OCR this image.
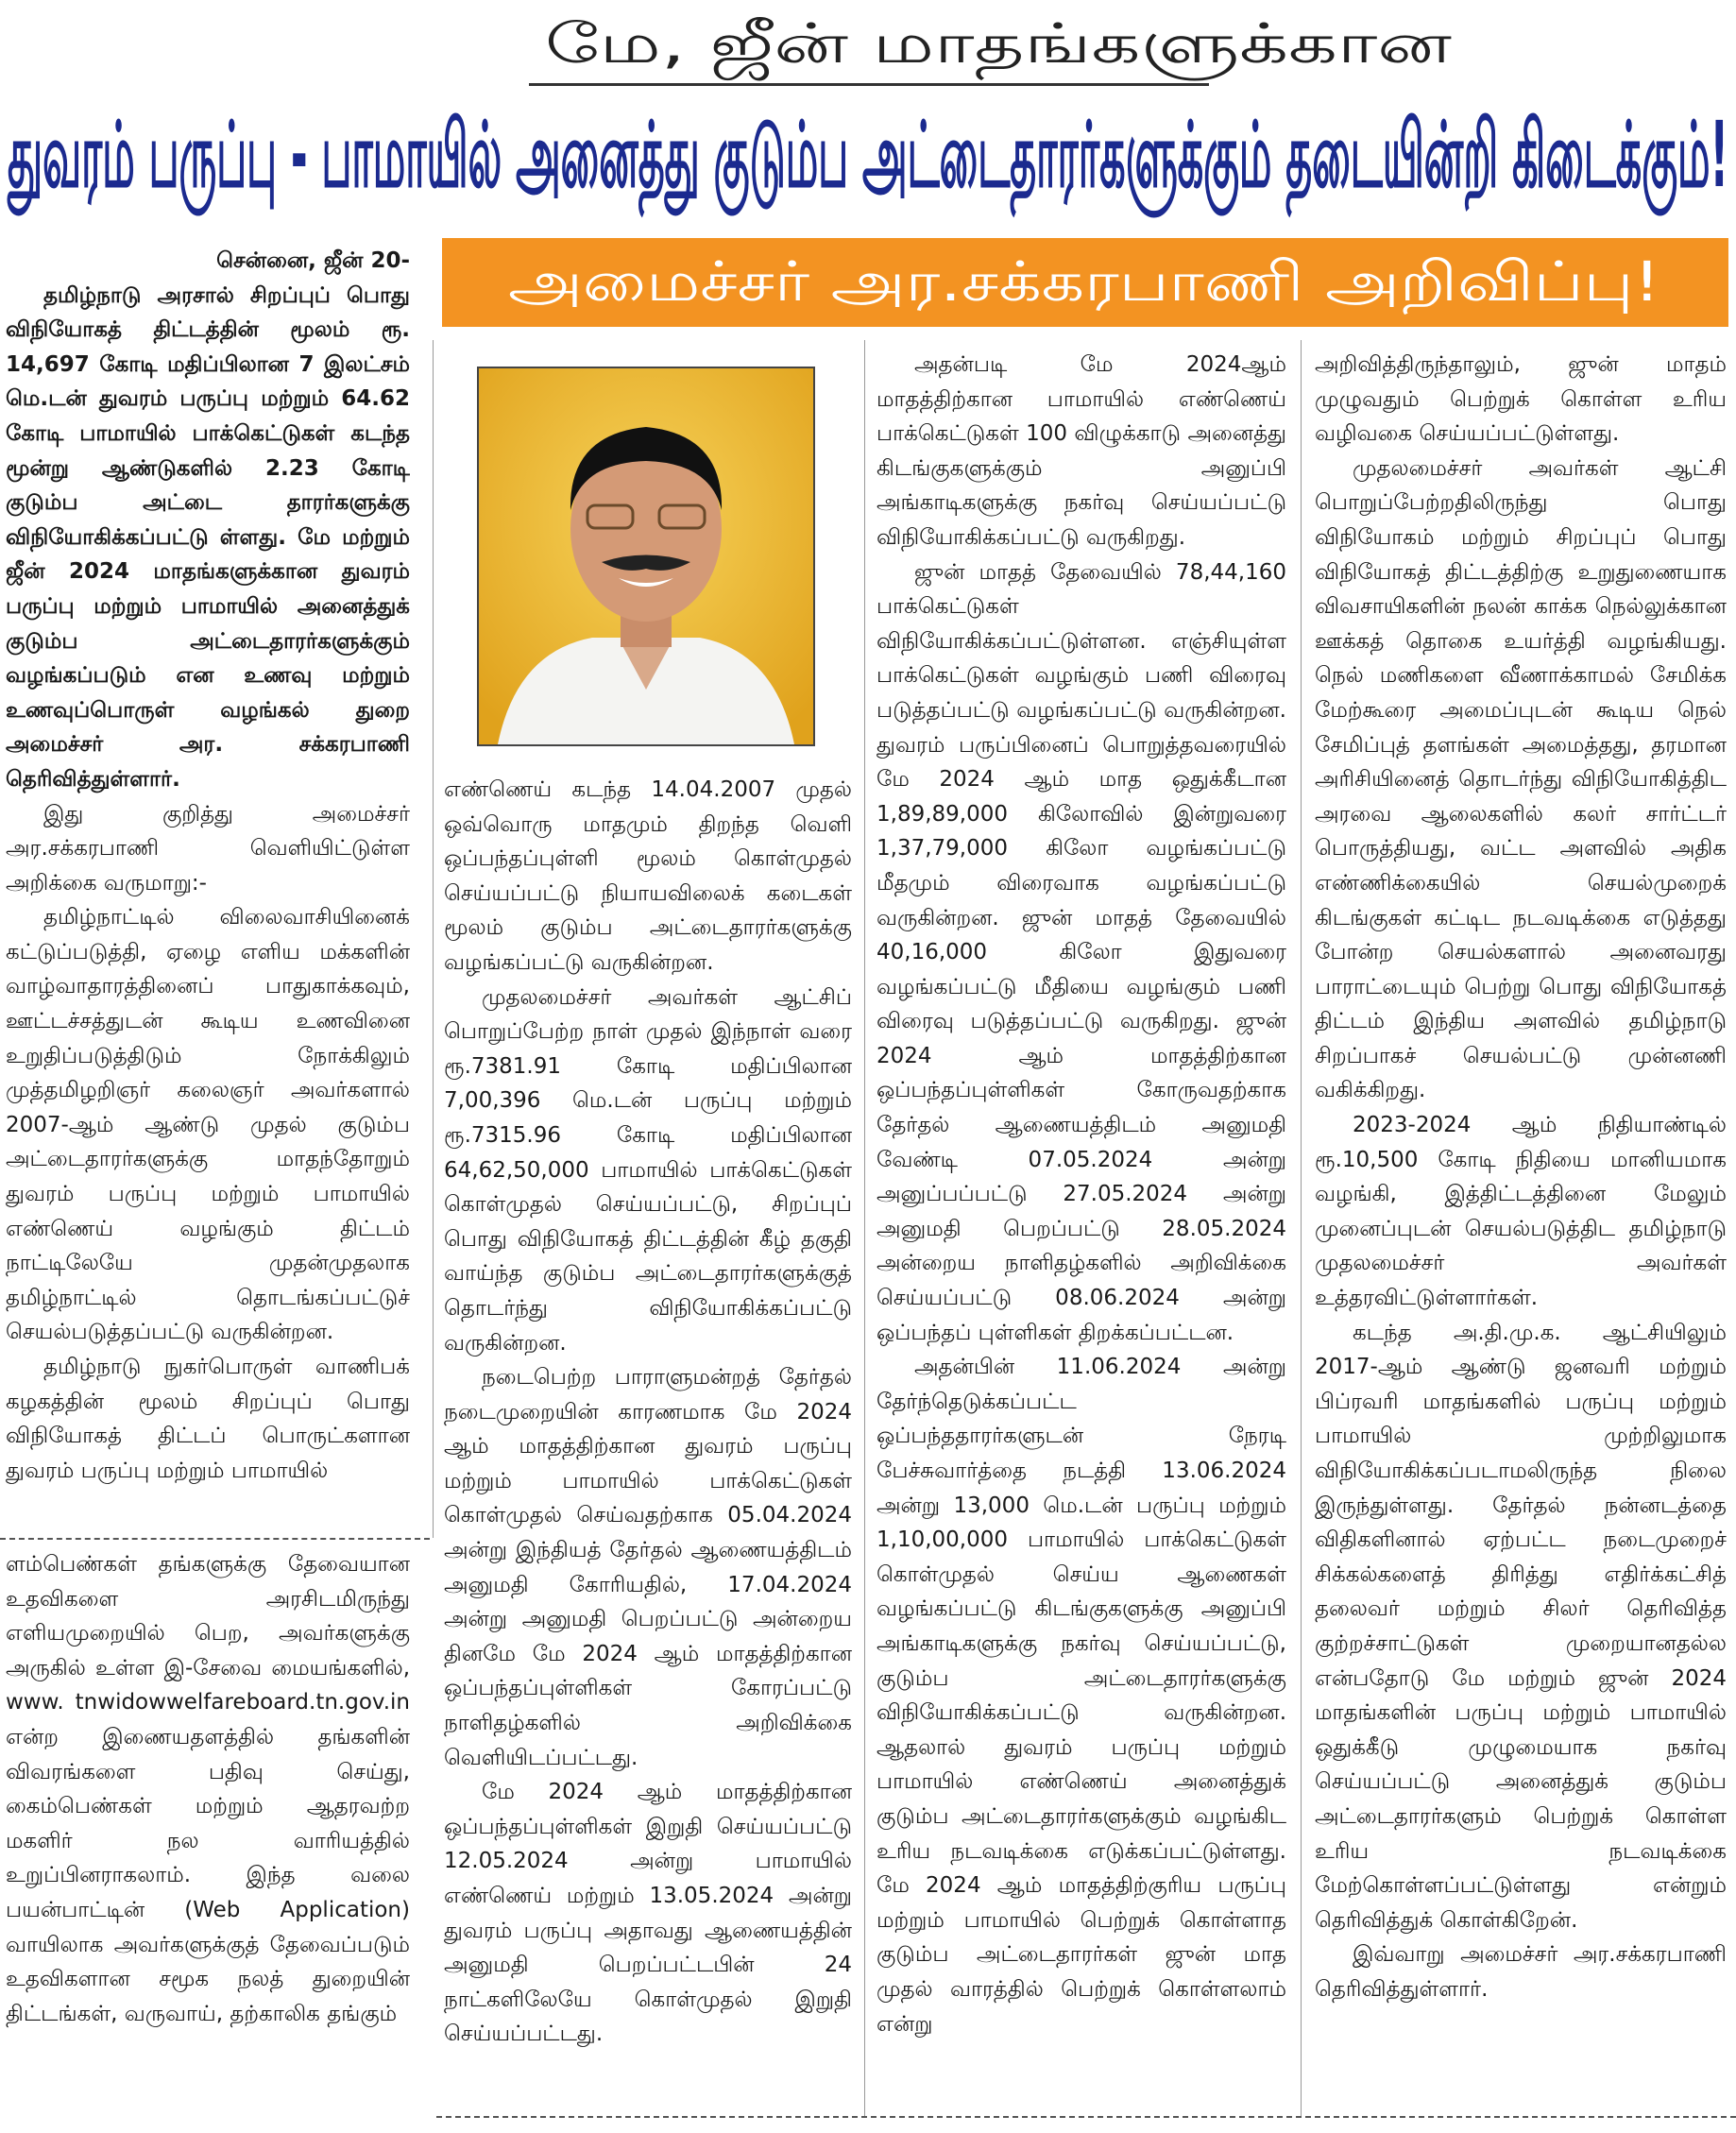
மே, ஜீன் மாதங்களுக்கான
துவரம் பருப்பு - பாமாயில் அனைத்து குடும்ப அட்டைதாரர்களுக்கும் தடையின்றி கிடைக்கும்!
அமைச்சர் அர.சக்கரபாணி அறிவிப்பு!

சென்னை, ஜீன் 20-

தமிழ்நாடு அரசால் சிறப்புப் பொது விநியோகத் திட்டத்தின் மூலம் ரூ. 14,697 கோடி மதிப்பிலான 7 இலட்சம் மெ.டன் துவரம் பருப்பு மற்றும் 64.62 கோடி பாமாயில் பாக்கெட்டுகள் கடந்த மூன்று ஆண்டுகளில் 2.23 கோடி குடும்ப அட்டை தாரர்களுக்கு விநியோகிக்கப்பட்டு ள்ளது. மே மற்றும் ஜீன் 2024 மாதங்களுக்கான துவரம் பருப்பு மற்றும் பாமாயில் அனைத்துக் குடும்ப அட்டைதாரர்களுக்கும் வழங்கப்படும் என உணவு மற்றும் உணவுப்பொருள் வழங்கல் துறை அமைச்சர் அர. சக்கரபாணி தெரிவித்துள்ளார்.

இது குறித்து அமைச்சர் அர.சக்கரபாணி வெளியிட்டுள்ள அறிக்கை வருமாறு:-

தமிழ்நாட்டில் விலைவாசியினைக் கட்டுப்படுத்தி, ஏழை எளிய மக்களின் வாழ்வாதாரத்தினைப் பாதுகாக்கவும், ஊட்டச்சத்துடன் கூடிய உணவினை உறுதிப்படுத்திடும் நோக்கிலும் முத்தமிழறிஞர் கலைஞர் அவர்களால் 2007-ஆம் ஆண்டு முதல் குடும்ப அட்டைதாரர்களுக்கு மாதந்தோறும் துவரம் பருப்பு மற்றும் பாமாயில் எண்ணெய் வழங்கும் திட்டம் நாட்டிலேயே முதன்முதலாக தமிழ்நாட்டில் தொடங்கப்பட்டுச் செயல்படுத்தப்பட்டு வருகின்றன.

தமிழ்நாடு நுகர்பொருள் வாணிபக் கழகத்தின் மூலம் சிறப்புப் பொது விநியோகத் திட்டப் பொருட்களான துவரம் பருப்பு மற்றும் பாமாயில்

ளம்பெண்கள் தங்களுக்கு தேவையான உதவிகளை அரசிடமிருந்து எளியமுறையில் பெற, அவர்களுக்கு அருகில் உள்ள இ-சேவை மையங்களில், www. tnwidowwelfareboard.tn.gov.in என்ற இணையதளத்தில் தங்களின் விவரங்களை பதிவு செய்து, கைம்பெண்கள் மற்றும் ஆதரவற்ற மகளிர் நல வாரியத்தில் உறுப்பினராகலாம். இந்த வலை பயன்பாட்டின் (Web Application) வாயிலாக அவர்களுக்குத் தேவைப்படும் உதவிகளான சமூக நலத் துறையின் திட்டங்கள், வருவாய், தற்காலிக தங்கும்

எண்ணெய் கடந்த 14.04.2007 முதல் ஒவ்வொரு மாதமும் திறந்த வெளி ஒப்பந்தப்புள்ளி மூலம் கொள்முதல் செய்யப்பட்டு நியாயவிலைக் கடைகள் மூலம் குடும்ப அட்டைதாரர்களுக்கு வழங்கப்பட்டு வருகின்றன.

முதலமைச்சர் அவர்கள் ஆட்சிப் பொறுப்பேற்ற நாள் முதல் இந்நாள் வரை ரூ.7381.91 கோடி மதிப்பிலான 7,00,396 மெ.டன் பருப்பு மற்றும் ரூ.7315.96 கோடி மதிப்பிலான 64,62,50,000 பாமாயில் பாக்கெட்டுகள் கொள்முதல் செய்யப்பட்டு, சிறப்புப் பொது விநியோகத் திட்டத்தின் கீழ் தகுதி வாய்ந்த குடும்ப அட்டைதாரர்களுக்குத் தொடர்ந்து விநியோகிக்கப்பட்டு வருகின்றன.

நடைபெற்ற பாராளுமன்றத் தேர்தல் நடைமுறையின் காரணமாக மே 2024 ஆம் மாதத்திற்கான துவரம் பருப்பு மற்றும் பாமாயில் பாக்கெட்டுகள் கொள்முதல் செய்வதற்காக 05.04.2024 அன்று இந்தியத் தேர்தல் ஆணையத்திடம் அனுமதி கோரியதில், 17.04.2024 அன்று அனுமதி பெறப்பட்டு அன்றைய தினமே மே 2024 ஆம் மாதத்திற்கான ஒப்பந்தப்புள்ளிகள் கோரப்பட்டு நாளிதழ்களில் அறிவிக்கை வெளியிடப்பட்டது.

மே 2024 ஆம் மாதத்திற்கான ஒப்பந்தப்புள்ளிகள் இறுதி செய்யப்பட்டு 12.05.2024 அன்று பாமாயில் எண்ணெய் மற்றும் 13.05.2024 அன்று துவரம் பருப்பு அதாவது ஆணையத்தின் அனுமதி பெறப்பட்டபின் 24 நாட்களிலேயே கொள்முதல் இறுதி செய்யப்பட்டது.

அதன்படி மே 2024ஆம் மாதத்திற்கான பாமாயில் எண்ணெய் பாக்கெட்டுகள் 100 விழுக்காடு அனைத்து கிடங்குகளுக்கும் அனுப்பி அங்காடிகளுக்கு நகர்வு செய்யப்பட்டு விநியோகிக்கப்பட்டு வருகிறது.

ஜுன் மாதத் தேவையில் 78,44,160 பாக்கெட்டுகள் விநியோகிக்கப்பட்டுள்ளன. எஞ்சியுள்ள பாக்கெட்டுகள் வழங்கும் பணி விரைவு படுத்தப்பட்டு வழங்கப்பட்டு வருகின்றன. துவரம் பருப்பினைப் பொறுத்தவரையில் மே 2024 ஆம் மாத ஒதுக்கீடான 1,89,89,000 கிலோவில் இன்றுவரை 1,37,79,000 கிலோ வழங்கப்பட்டு மீதமும் விரைவாக வழங்கப்பட்டு வருகின்றன. ஜுன் மாதத் தேவையில் 40,16,000 கிலோ இதுவரை வழங்கப்பட்டு மீதியை வழங்கும் பணி விரைவு படுத்தப்பட்டு வருகிறது. ஜுன் 2024 ஆம் மாதத்திற்கான ஒப்பந்தப்புள்ளிகள் கோருவதற்காக தேர்தல் ஆணையத்திடம் அனுமதி வேண்டி 07.05.2024 அன்று அனுப்பப்பட்டு 27.05.2024 அன்று அனுமதி பெறப்பட்டு 28.05.2024 அன்றைய நாளிதழ்களில் அறிவிக்கை செய்யப்பட்டு 08.06.2024 அன்று ஒப்பந்தப் புள்ளிகள் திறக்கப்பட்டன.

அதன்பின் 11.06.2024 அன்று தேர்ந்தெடுக்கப்பட்ட ஒப்பந்ததாரர்களுடன் நேரடி பேச்சுவார்த்தை நடத்தி 13.06.2024 அன்று 13,000 மெ.டன் பருப்பு மற்றும் 1,10,00,000 பாமாயில் பாக்கெட்டுகள் கொள்முதல் செய்ய ஆணைகள் வழங்கப்பட்டு கிடங்குகளுக்கு அனுப்பி அங்காடிகளுக்கு நகர்வு செய்யப்பட்டு, குடும்ப அட்டைதாரர்களுக்கு விநியோகிக்கப்பட்டு வருகின்றன. ஆதலால் துவரம் பருப்பு மற்றும் பாமாயில் எண்ணெய் அனைத்துக் குடும்ப அட்டைதாரர்களுக்கும் வழங்கிட உரிய நடவடிக்கை எடுக்கப்பட்டுள்ளது. மே 2024 ஆம் மாதத்திற்குரிய பருப்பு மற்றும் பாமாயில் பெற்றுக் கொள்ளாத குடும்ப அட்டைதாரர்கள் ஜுன் மாத முதல் வாரத்தில் பெற்றுக் கொள்ளலாம் என்று

அறிவித்திருந்தாலும், ஜுன் மாதம் முழுவதும் பெற்றுக் கொள்ள உரிய வழிவகை செய்யப்பட்டுள்ளது.

முதலமைச்சர் அவர்கள் ஆட்சி பொறுப்பேற்றதிலிருந்து பொது விநியோகம் மற்றும் சிறப்புப் பொது விநியோகத் திட்டத்திற்கு உறுதுணையாக விவசாயிகளின் நலன் காக்க நெல்லுக்கான ஊக்கத் தொகை உயர்த்தி வழங்கியது. நெல் மணிகளை வீணாக்காமல் சேமிக்க மேற்கூரை அமைப்புடன் கூடிய நெல் சேமிப்புத் தளங்கள் அமைத்தது, தரமான அரிசியினைத் தொடர்ந்து விநியோகித்திட அரவை ஆலைகளில் கலர் சார்ட்டர் பொருத்தியது, வட்ட அளவில் அதிக எண்ணிக்கையில் செயல்முறைக் கிடங்குகள் கட்டிட நடவடிக்கை எடுத்தது போன்ற செயல்களால் அனைவரது பாராட்டையும் பெற்று பொது விநியோகத் திட்டம் இந்திய அளவில் தமிழ்நாடு சிறப்பாகச் செயல்பட்டு முன்னணி வகிக்கிறது.

2023-2024 ஆம் நிதியாண்டில் ரூ.10,500 கோடி நிதியை மானியமாக வழங்கி, இத்திட்டத்தினை மேலும் முனைப்புடன் செயல்படுத்திட தமிழ்நாடு முதலமைச்சர் அவர்கள் உத்தரவிட்டுள்ளார்கள்.

கடந்த அ.தி.மு.க. ஆட்சியிலும் 2017-ஆம் ஆண்டு ஜனவரி மற்றும் பிப்ரவரி மாதங்களில் பருப்பு மற்றும் பாமாயில் முற்றிலுமாக விநியோகிக்கப்படாமலிருந்த நிலை இருந்துள்ளது. தேர்தல் நன்னடத்தை விதிகளினால் ஏற்பட்ட நடைமுறைச் சிக்கல்களைத் திரித்து எதிர்க்கட்சித் தலைவர் மற்றும் சிலர் தெரிவித்த குற்றச்சாட்டுகள் முறையானதல்ல என்பதோடு மே மற்றும் ஜுன் 2024 மாதங்களின் பருப்பு மற்றும் பாமாயில் ஒதுக்கீடு முழுமையாக நகர்வு செய்யப்பட்டு அனைத்துக் குடும்ப அட்டைதாரர்களும் பெற்றுக் கொள்ள உரிய நடவடிக்கை மேற்கொள்ளப்பட்டுள்ளது என்றும் தெரிவித்துக் கொள்கிறேன்.

இவ்வாறு அமைச்சர் அர.சக்கரபாணி தெரிவித்துள்ளார்.
